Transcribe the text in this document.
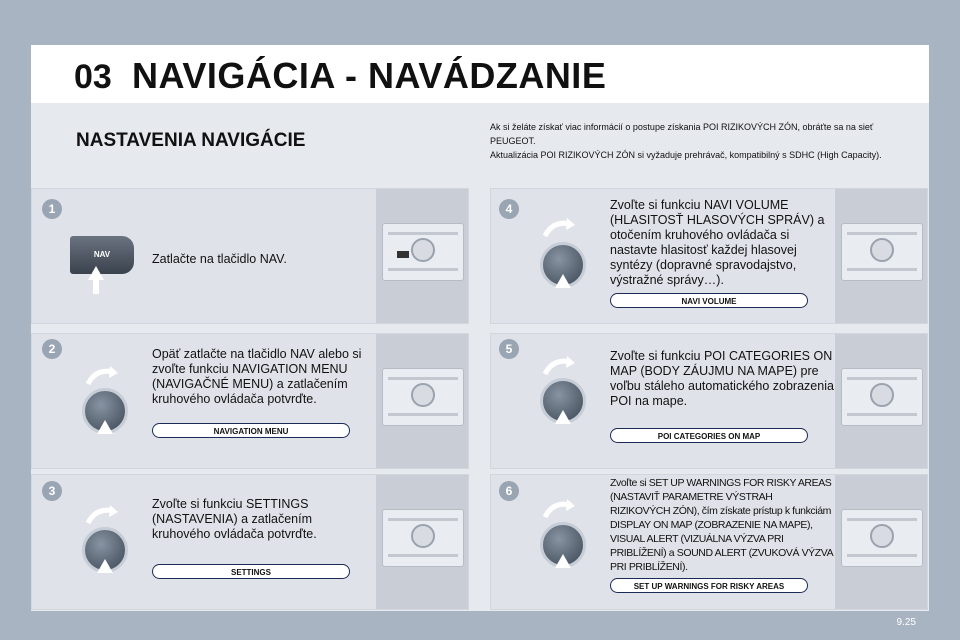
03 NAVIGÁCIA - NAVÁDZANIE
NASTAVENIA NAVIGÁCIE
Ak si želáte získať viac informácií o postupe získania POI RIZIKOVÝCH ZÓN, obráťte sa na sieť PEUGEOT.
Aktualizácia POI RIZIKOVÝCH ZÓN si vyžaduje prehrávač, kompatibilný s SDHC (High Capacity).
1
NAV	Zatlačte na tlačidlo NAV.
2	Opäť zatlačte na tlačidlo NAV alebo si zvoľte funkciu NAVIGATION MENU (NAVIGAČNÉ MENU) a zatlačením kruhového ovládača potvrďte.
NAVIGATION MENU
3
Zvoľte si funkciu SETTINGS (NASTAVENIA) a zatlačením kruhového ovládača potvrďte.
SETTINGS
4	Zvoľte si funkciu NAVI VOLUME (HLASITOSŤ HLASOVÝCH SPRÁV) a otočením kruhového ovládača si nastavte hlasitosť každej hlasovej syntézy (dopravné spravodajstvo, výstražné správy…).
NAVI VOLUME
5	Zvoľte si funkciu POI CATEGORIES ON MAP (BODY ZÁUJMU NA MAPE) pre voľbu stáleho automatického zobrazenia POI na mape.
POI CATEGORIES ON MAP
6
Zvoľte si SET UP WARNINGS FOR RISKY AREAS (NASTAVIŤ PARAMETRE VÝSTRAH RIZIKOVÝCH ZÓN), čím získate prístup k funkciám DISPLAY ON MAP (ZOBRAZENIE NA MAPE), VISUAL ALERT (VIZUÁLNA VÝZVA PRI PRIBLÍŽENÍ) a SOUND ALERT (ZVUKOVÁ VÝZVA PRI PRIBLÍŽENÍ).
SET UP WARNINGS FOR RISKY AREAS
9.25
